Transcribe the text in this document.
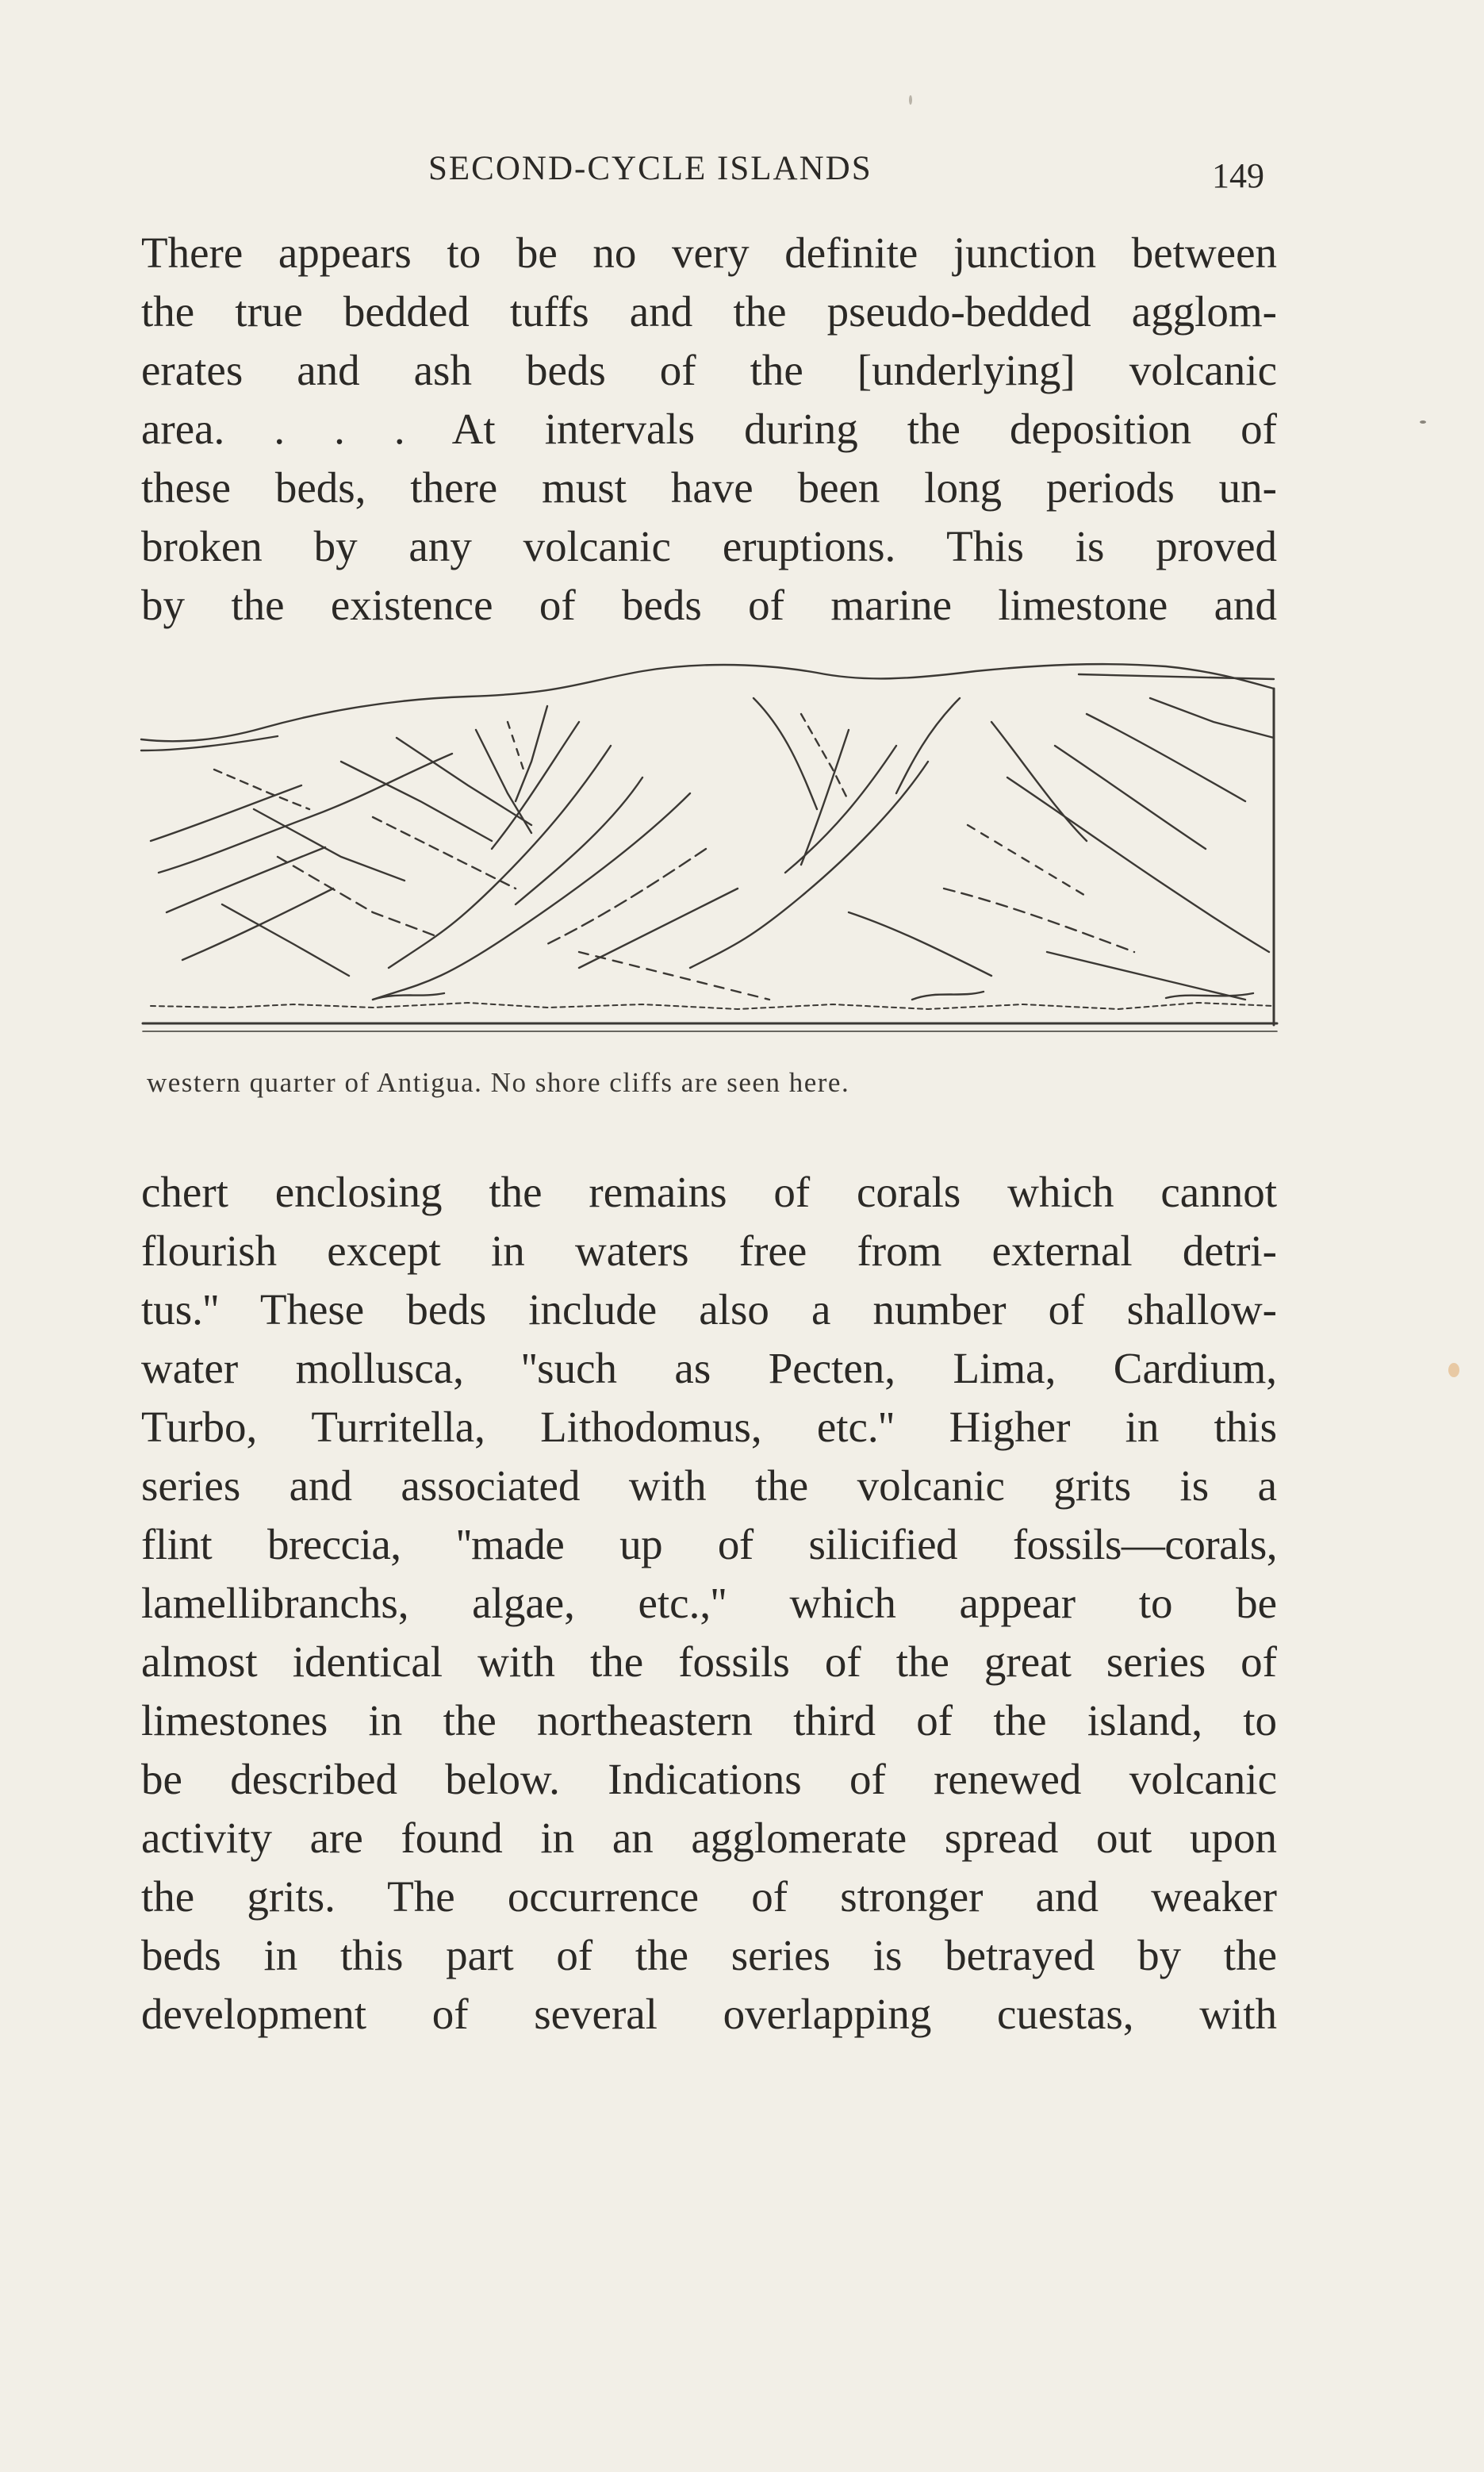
SECOND-CYCLE ISLANDS	149
There appears to be no very definite junction between
the true bedded tuffs and the pseudo-bedded agglom-
erates and ash beds of the [underlying] volcanic
area. . . . At intervals during the deposition of
these beds, there must have been long periods un-
broken by any volcanic eruptions. This is proved
by the existence of beds of marine limestone and
western quarter of Antigua. No shore cliffs are seen here.
chert enclosing the remains of corals which cannot
flourish except in waters free from external detri-
tus.'' These beds include also a number of shallow-
water mollusca, ''such as Pecten, Lima, Cardium,
Turbo, Turritella, Lithodomus, etc.'' Higher in this
series and associated with the volcanic grits is a
flint breccia, ''made up of silicified fossils—corals,
lamellibranchs, algae, etc.,'' which appear to be
almost identical with the fossils of the great series of
limestones in the northeastern third of the island, to
be described below. Indications of renewed volcanic
activity are found in an agglomerate spread out upon
the grits. The occurrence of stronger and weaker
beds in this part of the series is betrayed by the
development of several overlapping cuestas, with
